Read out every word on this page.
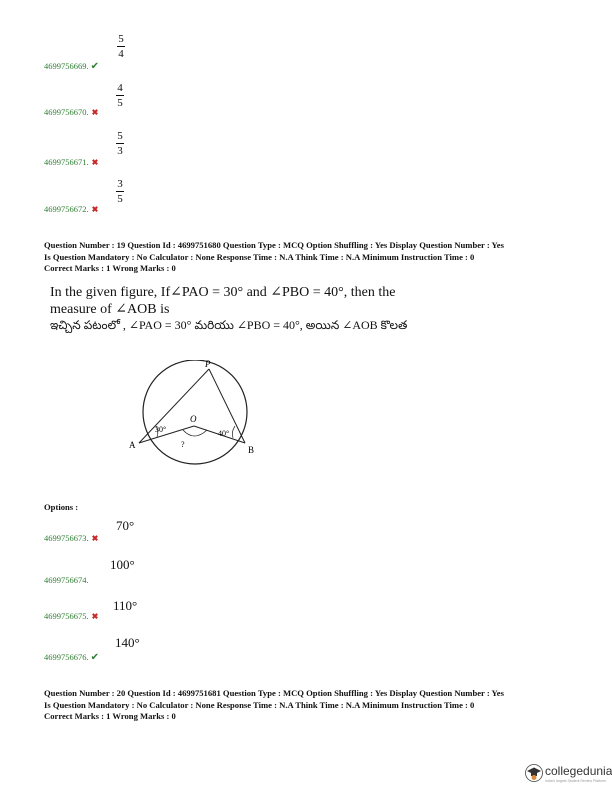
4699756669. ✔
5
4
4699756670. ✖
4
5
4699756671. ✖
5
3
4699756672. ✖
3
5
Question Number : 19 Question Id : 4699751680 Question Type : MCQ Option Shuffling : Yes Display Question Number : Yes
Is Question Mandatory : No Calculator : None Response Time : N.A Think Time : N.A Minimum Instruction Time : 0
Correct Marks : 1 Wrong Marks : 0
In the given figure, If∠PAO = 30° and ∠PBO = 40°, then the
measure of ∠AOB is
ఇచ్చిన పటంలో , ∠PAO = 30° మరియు ∠PBO = 40°, అయిన ∠AOB కొలత
P
O
A	B
30°	40°
?
Options :
4699756673. ✖
70°
4699756674.
100°
4699756675. ✖
110°
4699756676. ✔
140°
Question Number : 20 Question Id : 4699751681 Question Type : MCQ Option Shuffling : Yes Display Question Number : Yes
Is Question Mandatory : No Calculator : None Response Time : N.A Think Time : N.A Minimum Instruction Time : 0
Correct Marks : 1 Wrong Marks : 0
collegedunia
India's largest Student Review Platform
